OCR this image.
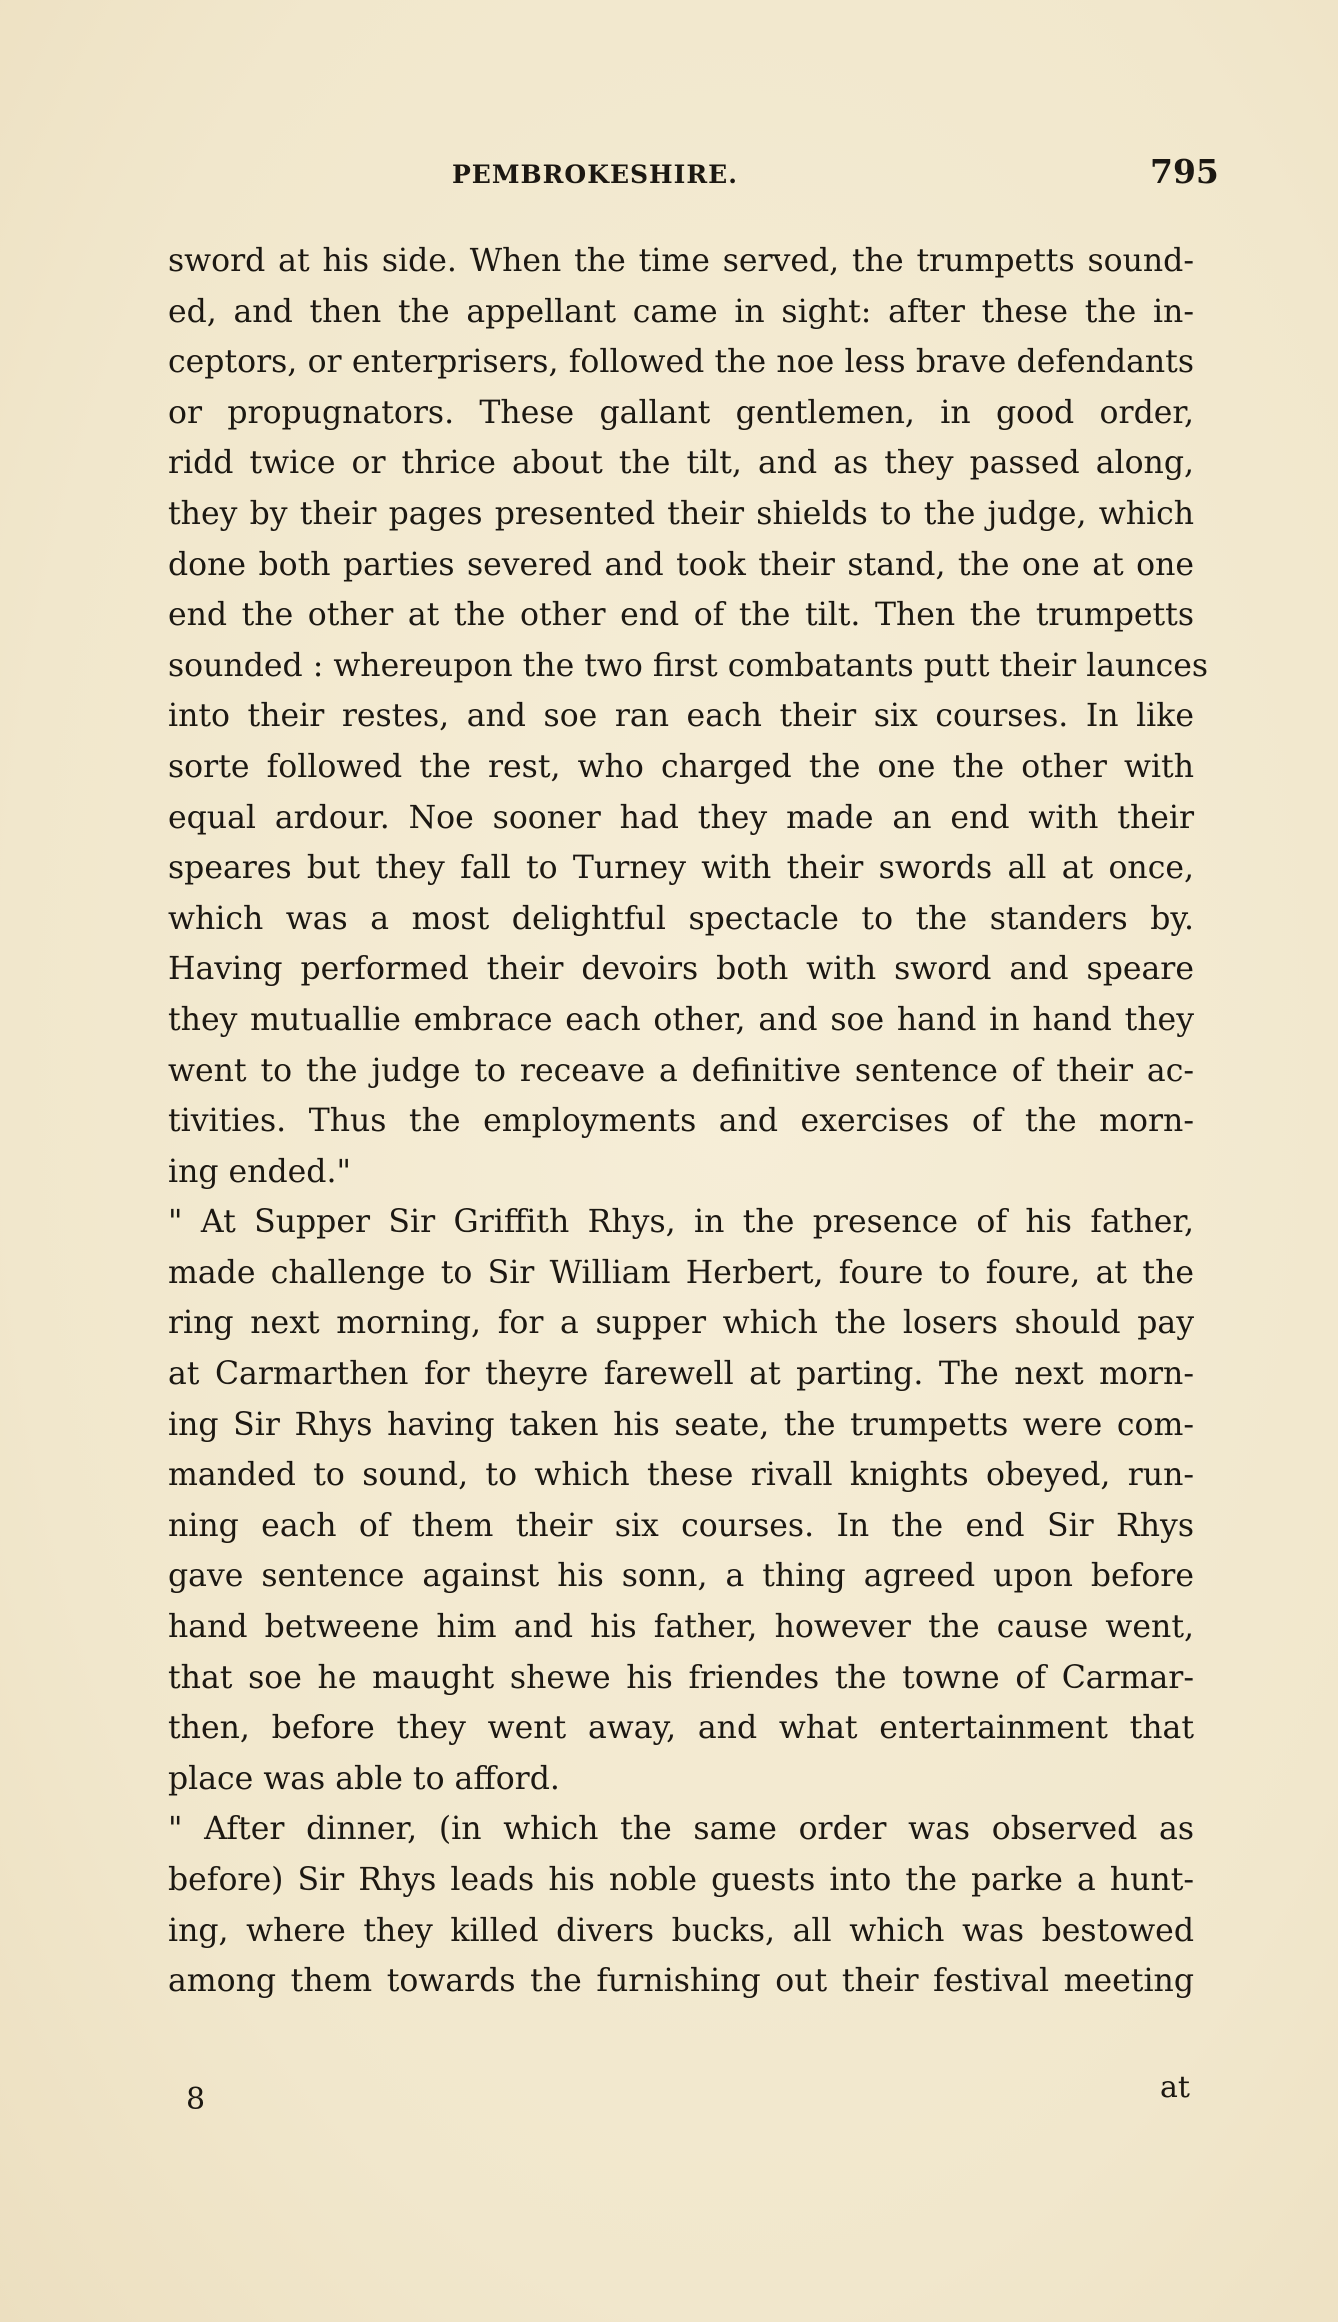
PEMBROKESHIRE.	795
sword at his side. When the time served, the trumpetts sound-
ed, and then the appellant came in sight: after these the in-
ceptors, or enterprisers, followed the noe less brave defendants
or propugnators. These gallant gentlemen, in good order,
ridd twice or thrice about the tilt, and as they passed along,
they by their pages presented their shields to the judge, which
done both parties severed and took their stand, the one at one
end the other at the other end of the tilt. Then the trumpetts
sounded : whereupon the two first combatants putt their launces
into their restes, and soe ran each their six courses. In like
sorte followed the rest, who charged the one the other with
equal ardour. Noe sooner had they made an end with their
speares but they fall to Turney with their swords all at once,
which was a most delightful spectacle to the standers by.
Having performed their devoirs both with sword and speare
they mutuallie embrace each other, and soe hand in hand they
went to the judge to receave a definitive sentence of their ac-
tivities. Thus the employments and exercises of the morn-
ing ended."
" At Supper Sir Griffith Rhys, in the presence of his father,
made challenge to Sir William Herbert, foure to foure, at the
ring next morning, for a supper which the losers should pay
at Carmarthen for theyre farewell at parting. The next morn-
ing Sir Rhys having taken his seate, the trumpetts were com-
manded to sound, to which these rivall knights obeyed, run-
ning each of them their six courses. In the end Sir Rhys
gave sentence against his sonn, a thing agreed upon before
hand betweene him and his father, however the cause went,
that soe he maught shewe his friendes the towne of Carmar-
then, before they went away, and what entertainment that
place was able to afford.
" After dinner, (in which the same order was observed as
before) Sir Rhys leads his noble guests into the parke a hunt-
ing, where they killed divers bucks, all which was bestowed
among them towards the furnishing out their festival meeting
8	at
